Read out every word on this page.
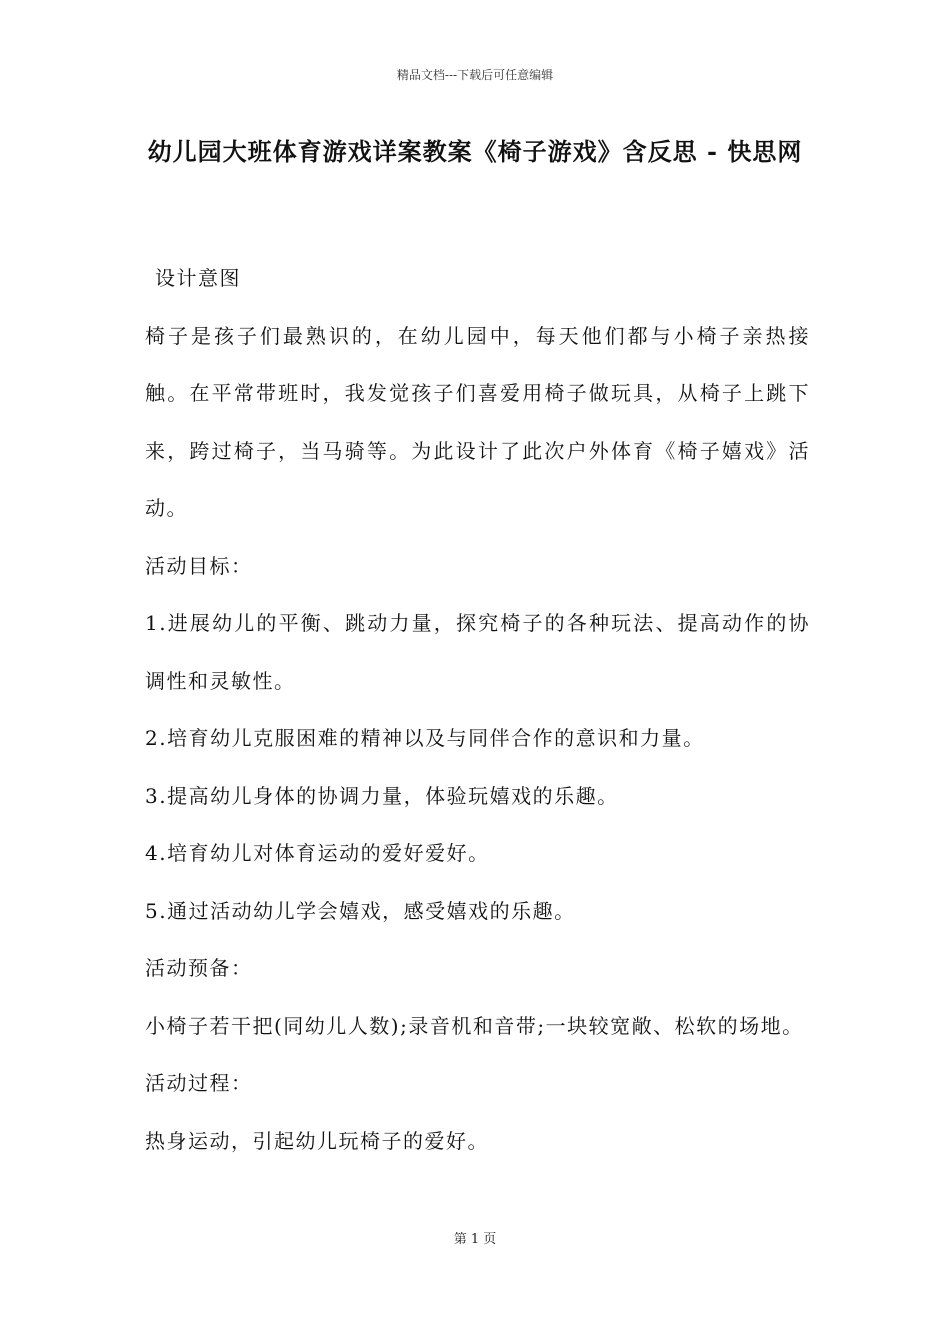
精品文档---下载后可任意编辑
幼儿园大班体育游戏详案教案《椅子游戏》含反思 - 快思网

设计意图

椅子是孩子们最熟识的，在幼儿园中，每天他们都与小椅子亲热接触。在平常带班时，我发觉孩子们喜爱用椅子做玩具，从椅子上跳下来，跨过椅子，当马骑等。为此设计了此次户外体育《椅子嬉戏》活动。

活动目标：

1.进展幼儿的平衡、跳动力量，探究椅子的各种玩法、提高动作的协调性和灵敏性。

2.培育幼儿克服困难的精神以及与同伴合作的意识和力量。

3.提高幼儿身体的协调力量，体验玩嬉戏的乐趣。

4.培育幼儿对体育运动的爱好爱好。

5.通过活动幼儿学会嬉戏，感受嬉戏的乐趣。

活动预备：

小椅子若干把(同幼儿人数);录音机和音带;一块较宽敞、松软的场地。

活动过程：

热身运动，引起幼儿玩椅子的爱好。

第 1 页
